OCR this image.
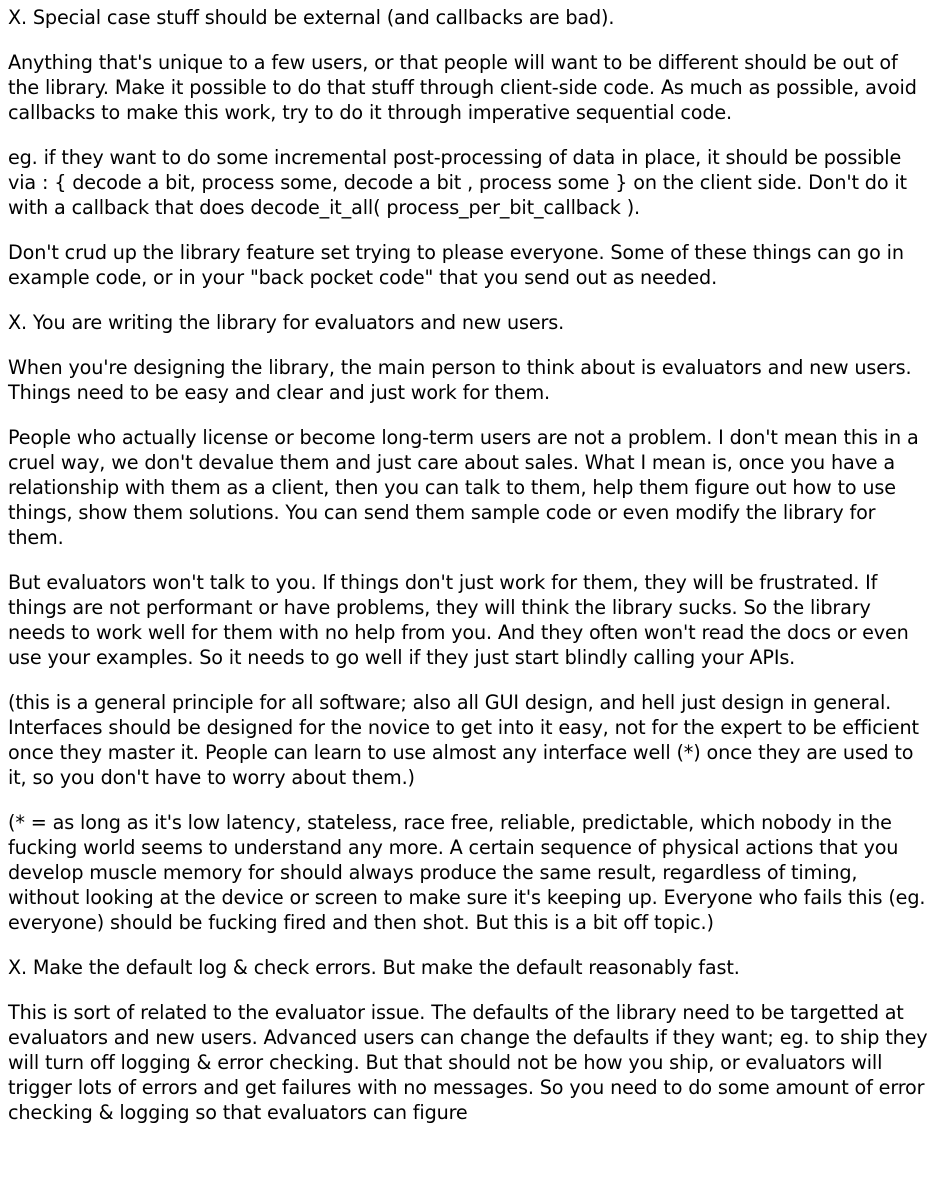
X. Special case stuff should be external (and callbacks are bad).

Anything that's unique to a few users, or that people will want to be different should be out of the library. Make it possible to do that stuff through client-side code. As much as possible, avoid callbacks to make this work, try to do it through imperative sequential code.

eg. if they want to do some incremental post-processing of data in place, it should be possible via : { decode a bit, process some, decode a bit , process some } on the client side. Don't do it with a callback that does decode_it_all( process_per_bit_callback ).

Don't crud up the library feature set trying to please everyone. Some of these things can go in example code, or in your "back pocket code" that you send out as needed.

X. You are writing the library for evaluators and new users.

When you're designing the library, the main person to think about is evaluators and new users. Things need to be easy and clear and just work for them.

People who actually license or become long-term users are not a problem. I don't mean this in a cruel way, we don't devalue them and just care about sales. What I mean is, once you have a relationship with them as a client, then you can talk to them, help them figure out how to use things, show them solutions. You can send them sample code or even modify the library for them.

But evaluators won't talk to you. If things don't just work for them, they will be frustrated. If things are not performant or have problems, they will think the library sucks. So the library needs to work well for them with no help from you. And they often won't read the docs or even use your examples. So it needs to go well if they just start blindly calling your APIs.

(this is a general principle for all software; also all GUI design, and hell just design in general. Interfaces should be designed for the novice to get into it easy, not for the expert to be efficient once they master it. People can learn to use almost any interface well (*) once they are used to it, so you don't have to worry about them.)

(* = as long as it's low latency, stateless, race free, reliable, predictable, which nobody in the fucking world seems to understand any more. A certain sequence of physical actions that you develop muscle memory for should always produce the same result, regardless of timing, without looking at the device or screen to make sure it's keeping up. Everyone who fails this (eg. everyone) should be fucking fired and then shot. But this is a bit off topic.)

X. Make the default log & check errors. But make the default reasonably fast.

This is sort of related to the evaluator issue. The defaults of the library need to be targetted at evaluators and new users. Advanced users can change the defaults if they want; eg. to ship they will turn off logging & error checking. But that should not be how you ship, or evaluators will trigger lots of errors and get failures with no messages. So you need to do some amount of error checking & logging so that evaluators can figure
